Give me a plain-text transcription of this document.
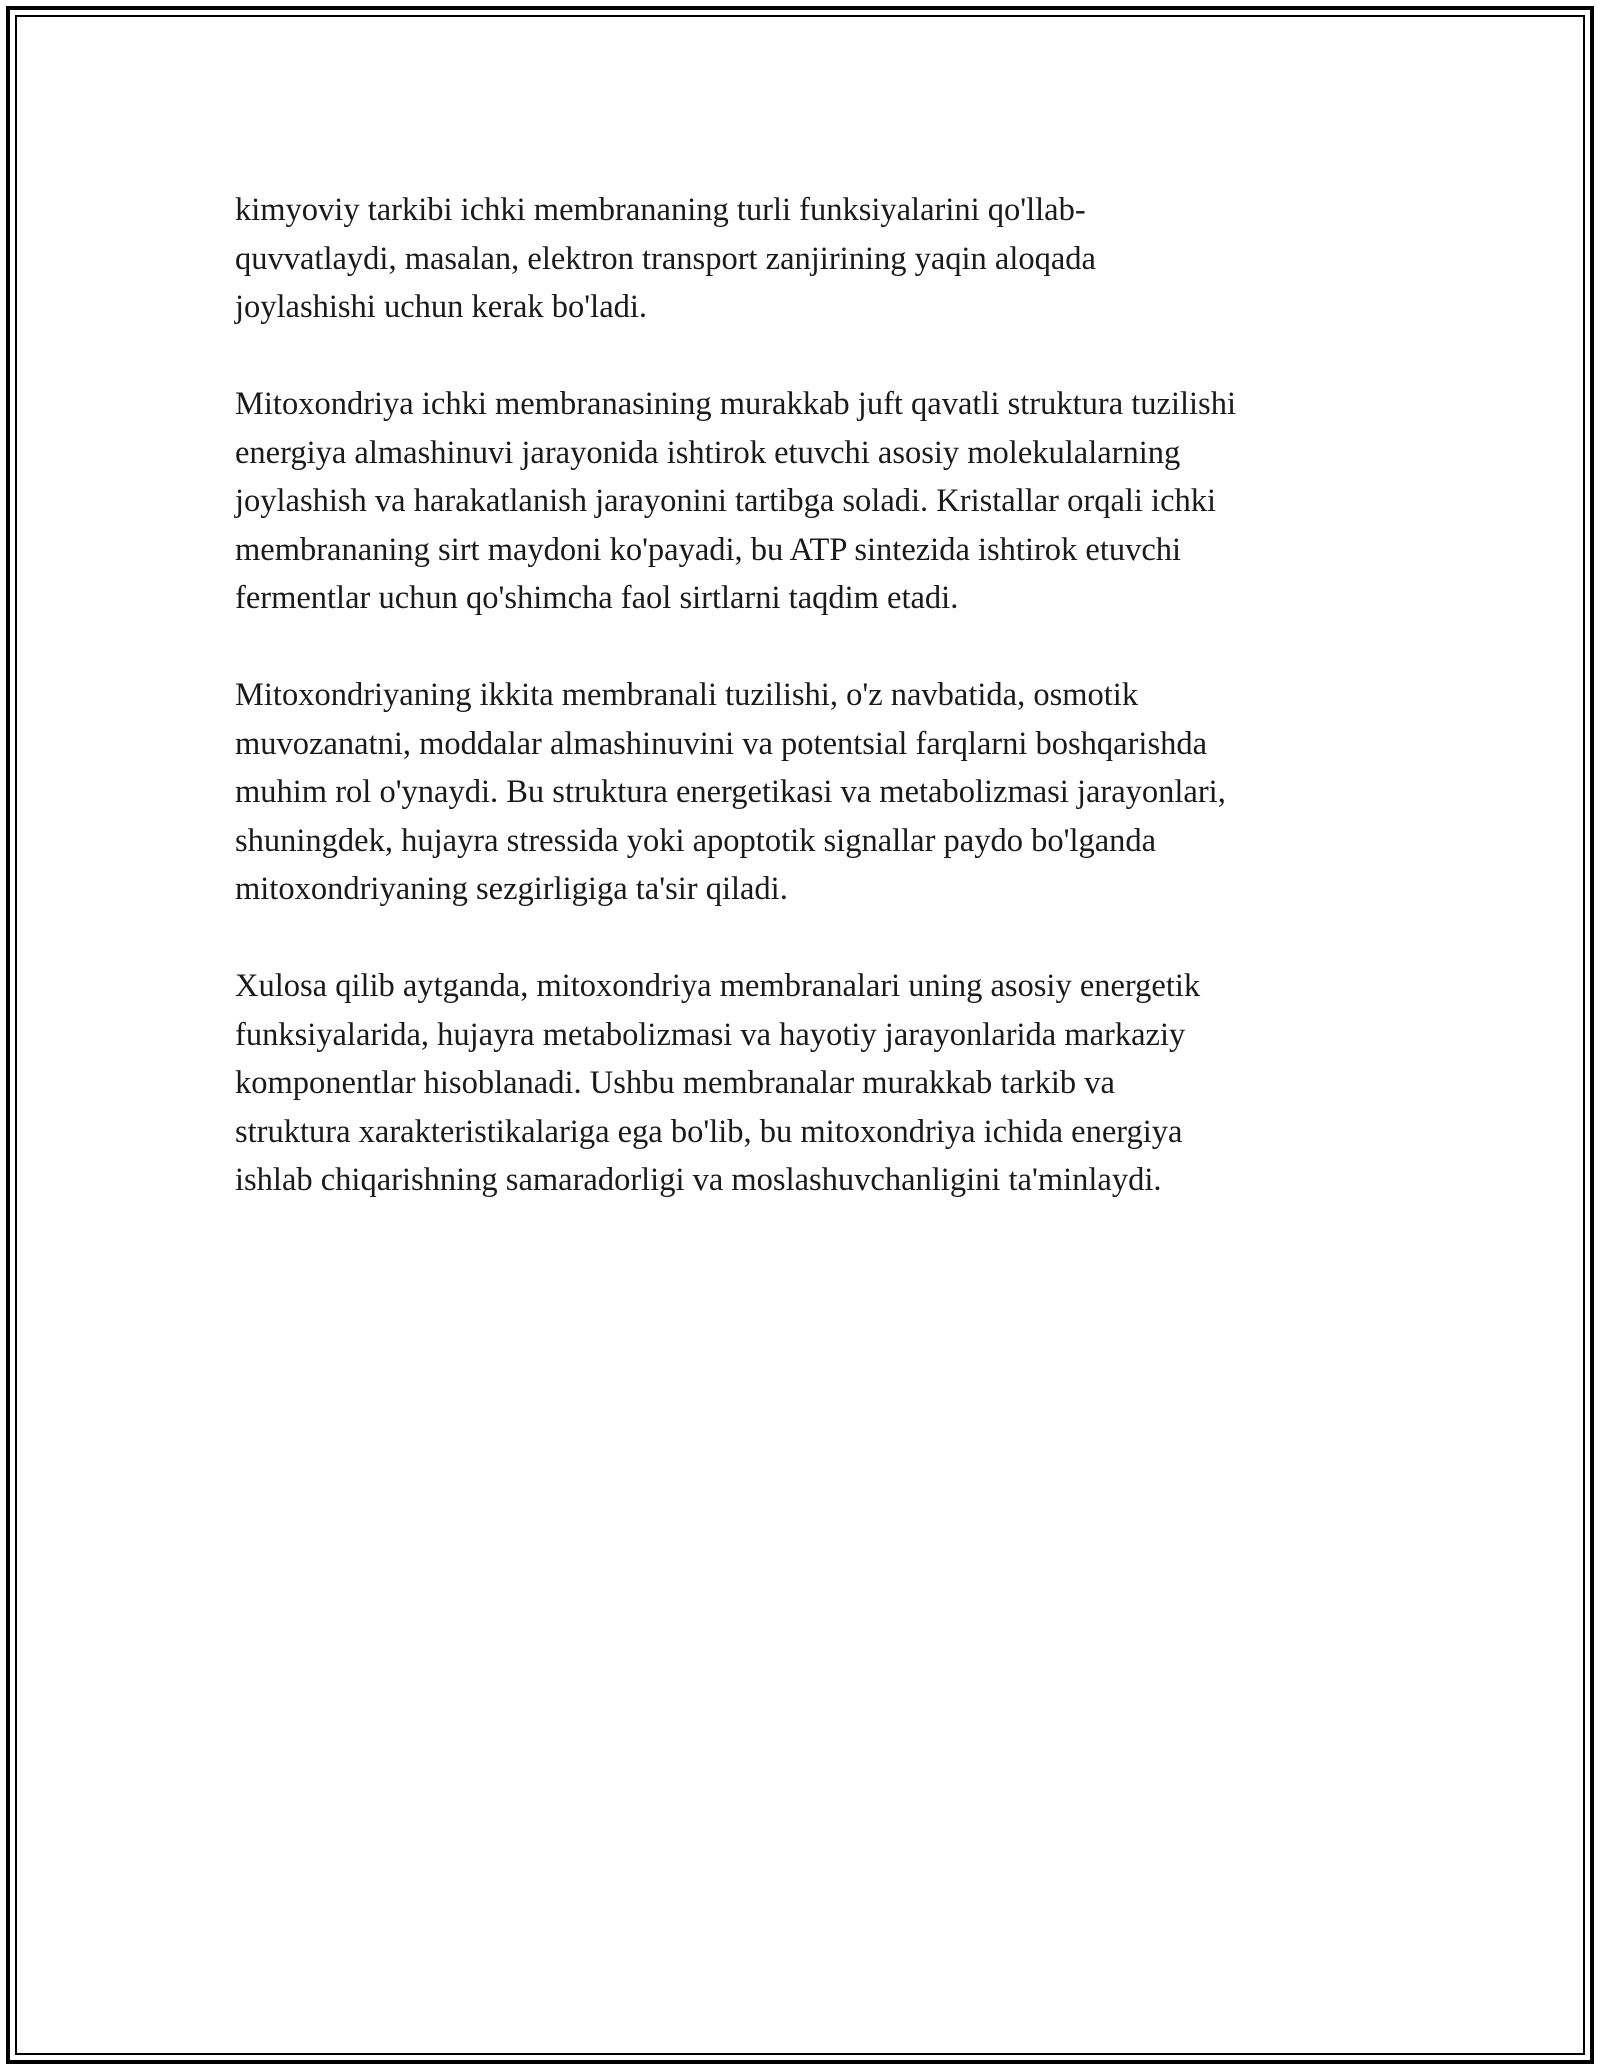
kimyoviy tarkibi ichki membrananing turli funksiyalarini qo'llab-
quvvatlaydi, masalan, elektron transport zanjirining yaqin aloqada
joylashishi uchun kerak bo'ladi.

Mitoxondriya ichki membranasining murakkab juft qavatli struktura tuzilishi
energiya almashinuvi jarayonida ishtirok etuvchi asosiy molekulalarning
joylashish va harakatlanish jarayonini tartibga soladi. Kristallar orqali ichki
membrananing sirt maydoni ko'payadi, bu ATP sintezida ishtirok etuvchi
fermentlar uchun qo'shimcha faol sirtlarni taqdim etadi.

Mitoxondriyaning ikkita membranali tuzilishi, o'z navbatida, osmotik
muvozanatni, moddalar almashinuvini va potentsial farqlarni boshqarishda
muhim rol o'ynaydi. Bu struktura energetikasi va metabolizmasi jarayonlari,
shuningdek, hujayra stressida yoki apoptotik signallar paydo bo'lganda
mitoxondriyaning sezgirligiga ta'sir qiladi.

Xulosa qilib aytganda, mitoxondriya membranalari uning asosiy energetik
funksiyalarida, hujayra metabolizmasi va hayotiy jarayonlarida markaziy
komponentlar hisoblanadi. Ushbu membranalar murakkab tarkib va
struktura xarakteristikalariga ega bo'lib, bu mitoxondriya ichida energiya
ishlab chiqarishning samaradorligi va moslashuvchanligini ta'minlaydi.
